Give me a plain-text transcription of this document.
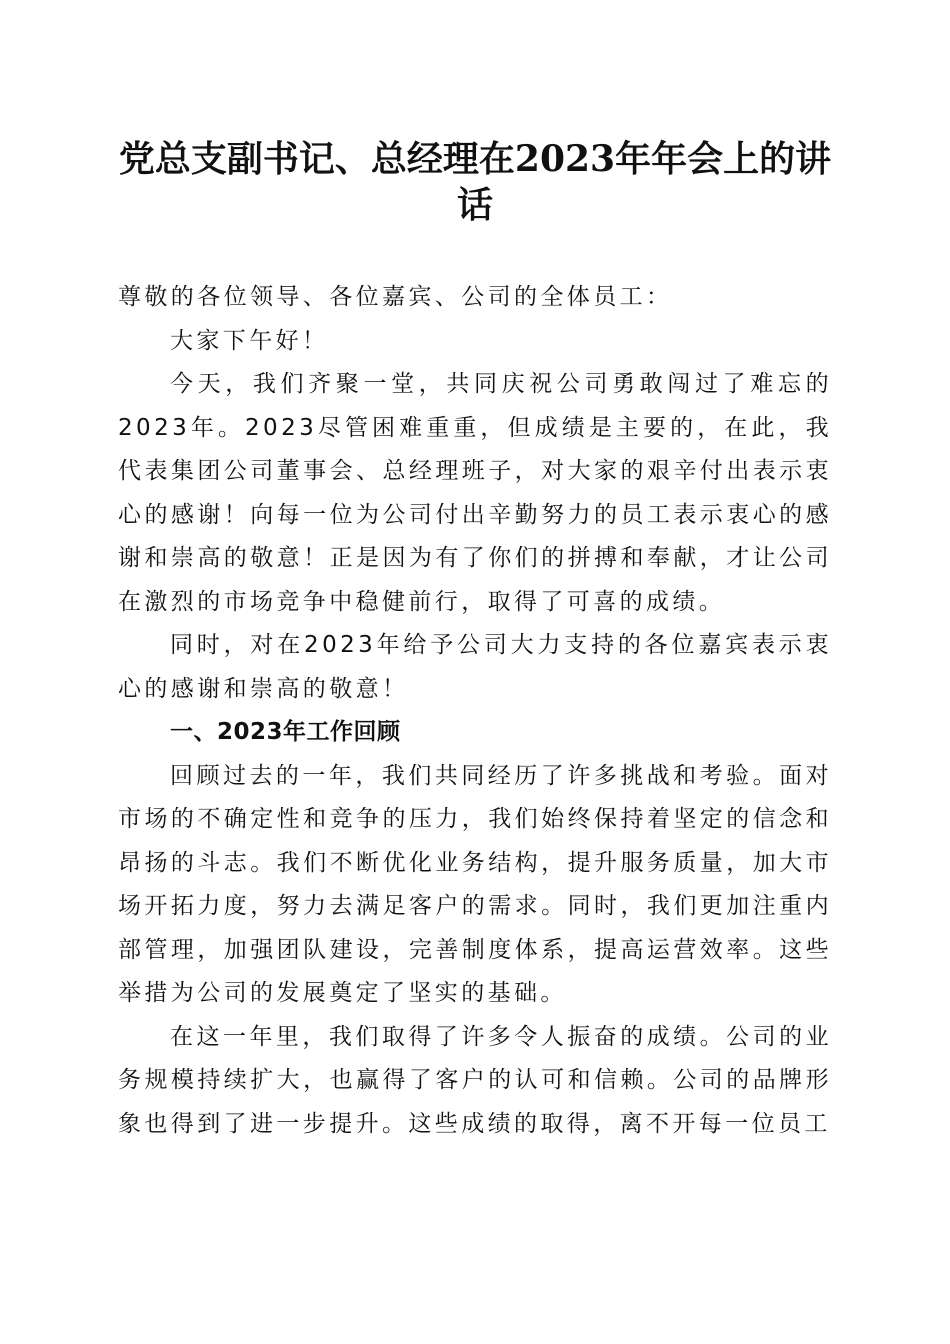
党总支副书记、总经理在2023年年会上的讲话

尊敬的各位领导、各位嘉宾、公司的全体员工：

大家下午好！

今天，我们齐聚一堂，共同庆祝公司勇敢闯过了难忘的2023年。2023尽管困难重重，但成绩是主要的，在此，我代表集团公司董事会、总经理班子，对大家的艰辛付出表示衷心的感谢！向每一位为公司付出辛勤努力的员工表示衷心的感谢和崇高的敬意！正是因为有了你们的拼搏和奉献，才让公司在激烈的市场竞争中稳健前行，取得了可喜的成绩。

同时，对在2023年给予公司大力支持的各位嘉宾表示衷心的感谢和崇高的敬意！

一、2023年工作回顾

回顾过去的一年，我们共同经历了许多挑战和考验。面对市场的不确定性和竞争的压力，我们始终保持着坚定的信念和昂扬的斗志。我们不断优化业务结构，提升服务质量，加大市场开拓力度，努力去满足客户的需求。同时，我们更加注重内部管理，加强团队建设，完善制度体系，提高运营效率。这些举措为公司的发展奠定了坚实的基础。

在这一年里，我们取得了许多令人振奋的成绩。公司的业务规模持续扩大，也赢得了客户的认可和信赖。公司的品牌形象也得到了进一步提升。这些成绩的取得，离不开每一位员工
